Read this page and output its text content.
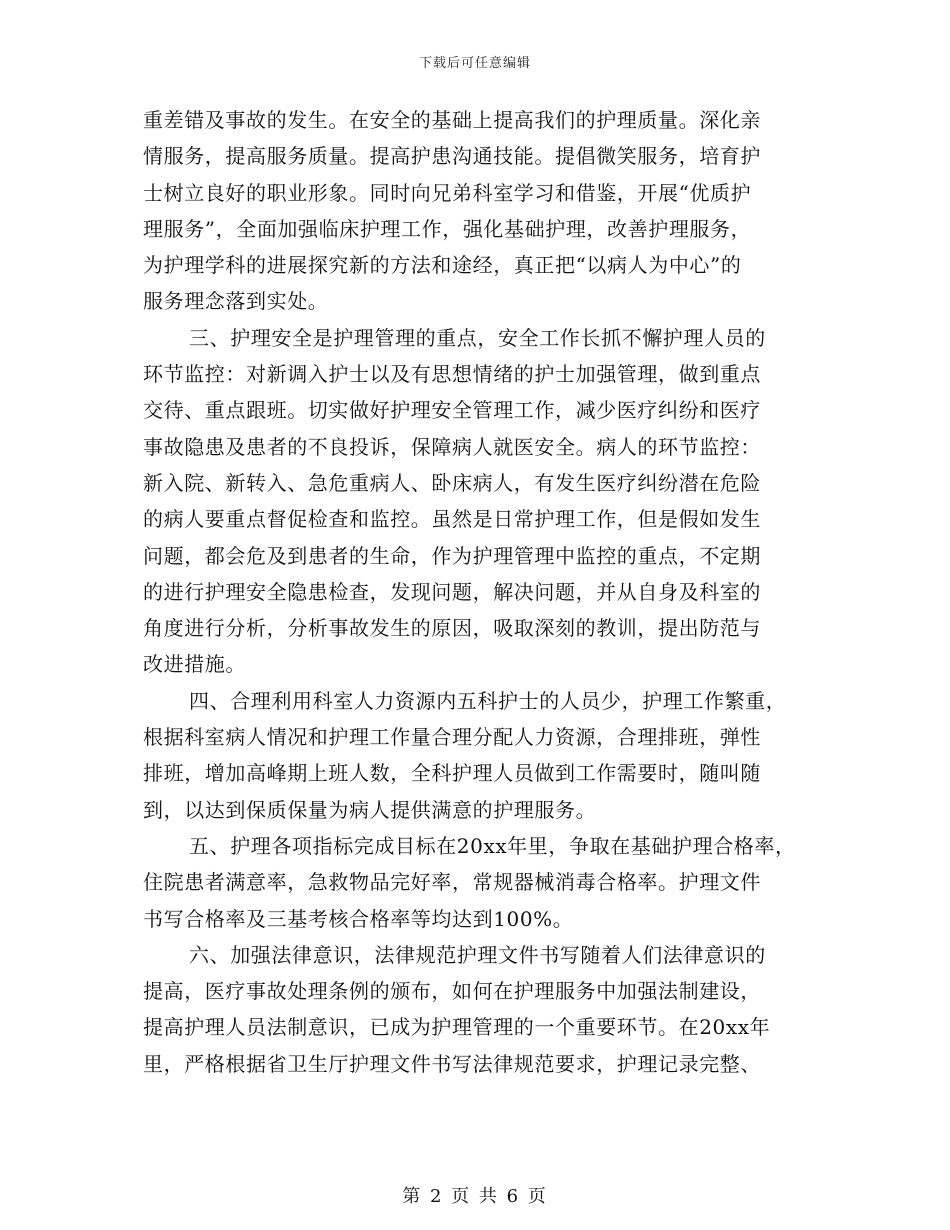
下载后可任意编辑
重差错及事故的发生。在安全的基础上提高我们的护理质量。深化亲
情服务，提高服务质量。提高护患沟通技能。提倡微笑服务，培育护
士树立良好的职业形象。同时向兄弟科室学习和借鉴，开展“优质护
理服务”，全面加强临床护理工作，强化基础护理，改善护理服务，
为护理学科的进展探究新的方法和途经，真正把“以病人为中心”的
服务理念落到实处。
三、护理安全是护理管理的重点，安全工作长抓不懈护理人员的
环节监控：对新调入护士以及有思想情绪的护士加强管理，做到重点
交待、重点跟班。切实做好护理安全管理工作，减少医疗纠纷和医疗
事故隐患及患者的不良投诉，保障病人就医安全。病人的环节监控：
新入院、新转入、急危重病人、卧床病人，有发生医疗纠纷潜在危险
的病人要重点督促检查和监控。虽然是日常护理工作，但是假如发生
问题，都会危及到患者的生命，作为护理管理中监控的重点，不定期
的进行护理安全隐患检查，发现问题，解决问题，并从自身及科室的
角度进行分析，分析事故发生的原因，吸取深刻的教训，提出防范与
改进措施。
四、合理利用科室人力资源内五科护士的人员少，护理工作繁重，
根据科室病人情况和护理工作量合理分配人力资源，合理排班，弹性
排班，增加高峰期上班人数，全科护理人员做到工作需要时，随叫随
到，以达到保质保量为病人提供满意的护理服务。
五、护理各项指标完成目标在20xx年里，争取在基础护理合格率，
住院患者满意率，急救物品完好率，常规器械消毒合格率。护理文件
书写合格率及三基考核合格率等均达到100%。
六、加强法律意识，法律规范护理文件书写随着人们法律意识的
提高，医疗事故处理条例的颁布，如何在护理服务中加强法制建设，
提高护理人员法制意识，已成为护理管理的一个重要环节。在20xx年
里，严格根据省卫生厅护理文件书写法律规范要求，护理记录完整、
第 2 页 共 6 页
